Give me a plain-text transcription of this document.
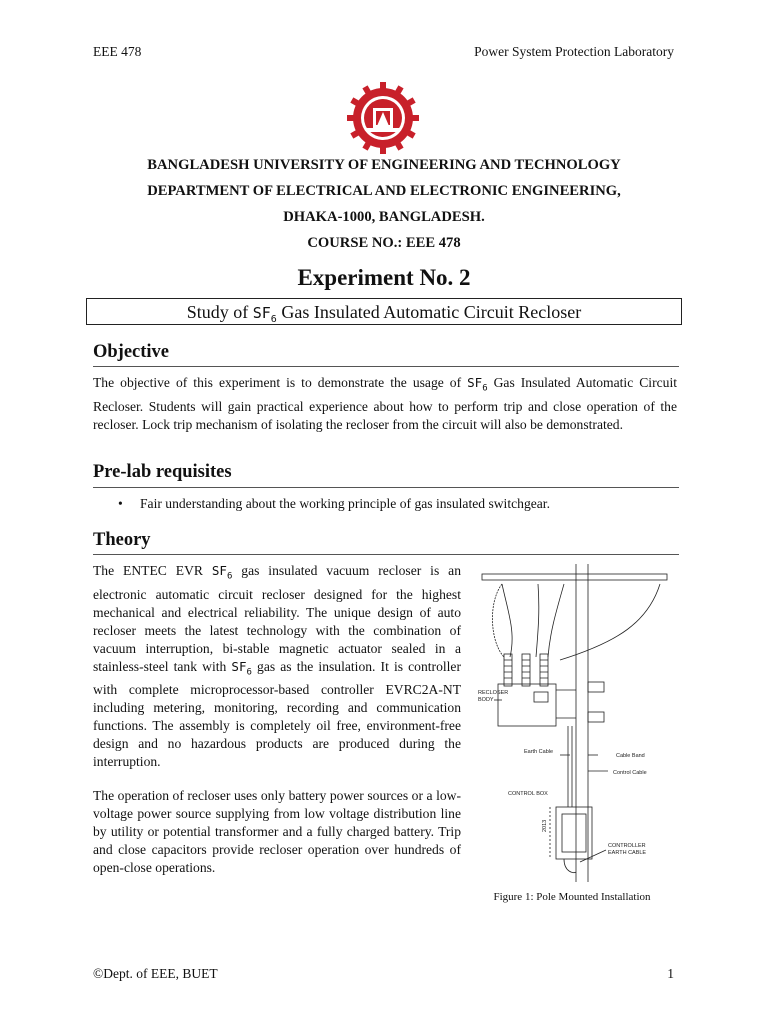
EEE 478	Power System Protection Laboratory
BANGLADESH UNIVERSITY OF ENGINEERING AND TECHNOLOGY
DEPARTMENT OF ELECTRICAL AND ELECTRONIC ENGINEERING,
DHAKA-1000, BANGLADESH.
COURSE NO.: EEE 478
Experiment No. 2
Study of $SF_6$ Gas Insulated Automatic Circuit Recloser
Objective
The objective of this experiment is to demonstrate the usage of $SF_6$ Gas Insulated Automatic Circuit Recloser. Students will gain practical experience about how to perform trip and close operation of the recloser. Lock trip mechanism of isolating the recloser from the circuit will also be demonstrated.
Pre-lab requisites
• Fair understanding about the working principle of gas insulated switchgear.
Theory
The ENTEC EVR $SF_6$ gas insulated vacuum recloser is an electronic automatic circuit recloser designed for the highest mechanical and electrical reliability. The unique design of auto recloser meets the latest technology with the combination of vacuum interruption, bi-stable magnetic actuator sealed in a stainless-steel tank with $SF_6$ gas as the insulation. It is controller with complete microprocessor-based controller EVRC2A-NT including metering, monitoring, recording and communication functions. The assembly is completely oil free, environment-free design and no hazardous products are produced during the interruption.
The operation of recloser uses only battery power sources or a low- voltage power source supplying from low voltage distribution line by utility or potential transformer and a fully charged battery. Trip and close capacitors provide recloser operation over hundreds of open-close operations.
RECLOSER
BODY
Earth Cable
Cable Band
Control Cable
CONTROL BOX
2013
CONTROLLER
EARTH CABLE
Figure 1: Pole Mounted Installation
©Dept. of EEE, BUET	1
